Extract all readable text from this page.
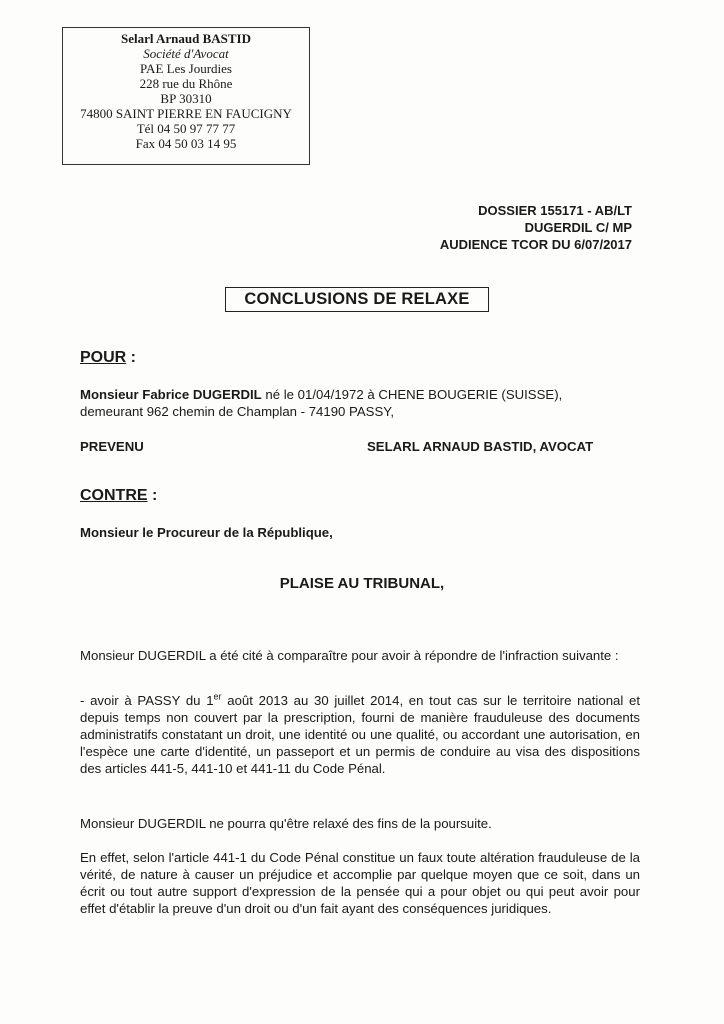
Selarl Arnaud BASTID
Société d'Avocat
PAE Les Jourdies
228 rue du Rhône
BP 30310
74800 SAINT PIERRE EN FAUCIGNY
Tél 04 50 97 77 77
Fax 04 50 03 14 95
DOSSIER 155171 - AB/LT
DUGERDIL C/ MP
AUDIENCE TCOR DU 6/07/2017
CONCLUSIONS DE RELAXE
POUR :
Monsieur Fabrice DUGERDIL né le 01/04/1972 à CHENE BOUGERIE (SUISSE),
demeurant 962 chemin de Champlan - 74190 PASSY,
PREVENU	SELARL ARNAUD BASTID, AVOCAT
CONTRE :
Monsieur le Procureur de la République,
PLAISE AU TRIBUNAL,
Monsieur DUGERDIL a été cité à comparaître pour avoir à répondre de l'infraction suivante :
- avoir à PASSY du 1er août 2013 au 30 juillet 2014, en tout cas sur le territoire national et depuis temps non couvert par la prescription, fourni de manière frauduleuse des documents administratifs constatant un droit, une identité ou une qualité, ou accordant une autorisation, en l'espèce une carte d'identité, un passeport et un permis de conduire au visa des dispositions des articles 441-5, 441-10 et 441-11 du Code Pénal.
Monsieur DUGERDIL ne pourra qu'être relaxé des fins de la poursuite.
En effet, selon l'article 441-1 du Code Pénal constitue un faux toute altération frauduleuse de la vérité, de nature à causer un préjudice et accomplie par quelque moyen que ce soit, dans un écrit ou tout autre support d'expression de la pensée qui a pour objet ou qui peut avoir pour effet d'établir la preuve d'un droit ou d'un fait ayant des conséquences juridiques.
